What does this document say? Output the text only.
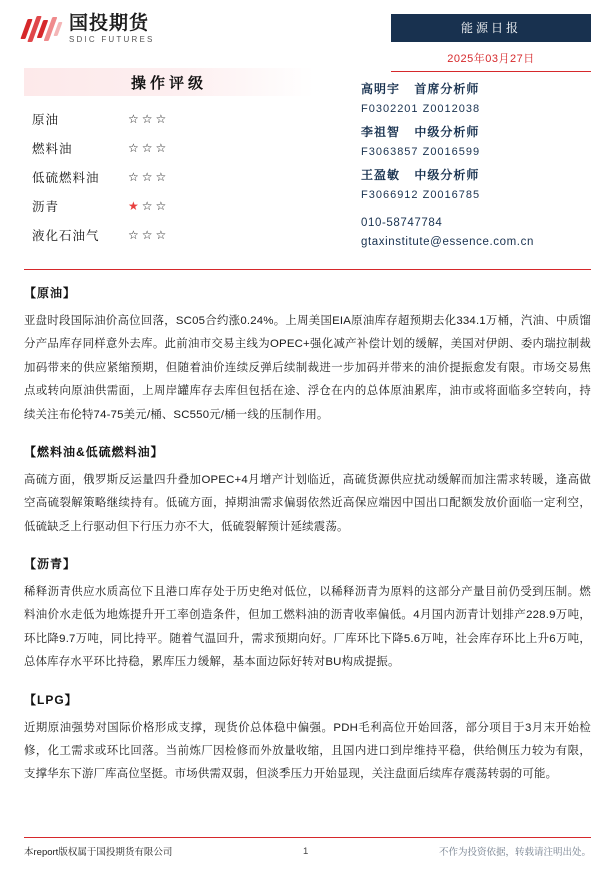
国投期货
SDIC FUTURES
能源日报
2025年03月27日
操作评级
原油	☆☆☆
燃料油	☆☆☆
低硫燃料油	☆☆☆
沥青	★☆☆
液化石油气	☆☆☆
高明宇 首席分析师
F0302201 Z0012038
李祖智 中级分析师
F3063857 Z0016599
王盈敏 中级分析师
F3066912 Z0016785
010-58747784
gtaxinstitute@essence.com.cn
【原油】
亚盘时段国际油价高位回落，SC05合约涨0.24%。上周美国EIA原油库存超预期去化334.1万桶，汽油、中质馏分产品库存同样意外去库。此前油市交易主线为OPEC+强化减产补偿计划的缓解，美国对伊朗、委内瑞拉制裁加码带来的供应紧缩预期，但随着油价连续反弹后续制裁进一步加码并带来的油价提振愈发有限。市场交易焦点或转向原油供需面，上周岸罐库存去库但包括在途、浮仓在内的总体原油累库，油市或将面临多空转向，持续关注布伦特74-75美元/桶、SC550元/桶一线的压制作用。
【燃料油&低硫燃料油】
高硫方面，俄罗斯反运量四升叠加OPEC+4月增产计划临近，高硫货源供应扰动缓解而加注需求转暖，逢高做空高硫裂解策略继续持有。低硫方面，掉期油需求偏弱依然近高保应端因中国出口配额发放价面临一定利空，低硫缺乏上行驱动但下行压力亦不大，低硫裂解预计延续震荡。
【沥青】
稀释沥青供应水质高位下且港口库存处于历史绝对低位，以稀释沥青为原料的这部分产量目前仍受到压制。燃料油价水走低为地炼提升开工率创造条件，但加工燃料油的沥青收率偏低。4月国内沥青计划排产228.9万吨，环比降9.7万吨，同比持平。随着气温回升，需求预期向好。厂库环比下降5.6万吨，社会库存环比上升6万吨，总体库存水平环比持稳，累库压力缓解，基本面边际好转对BU构成提振。
【LPG】
近期原油强势对国际价格形成支撑，现货价总体稳中偏强。PDH毛利高位开始回落，部分项目于3月末开始检修，化工需求或环比回落。当前炼厂因检修而外放量收缩，且国内进口到岸维持平稳，供给侧压力较为有限，支撑华东下游厂库高位坚挺。市场供需双弱，但淡季压力开始显现，关注盘面后续库存震荡转弱的可能。
本report版权属于国投期货有限公司	1	不作为投资依据，转载请注明出处。
